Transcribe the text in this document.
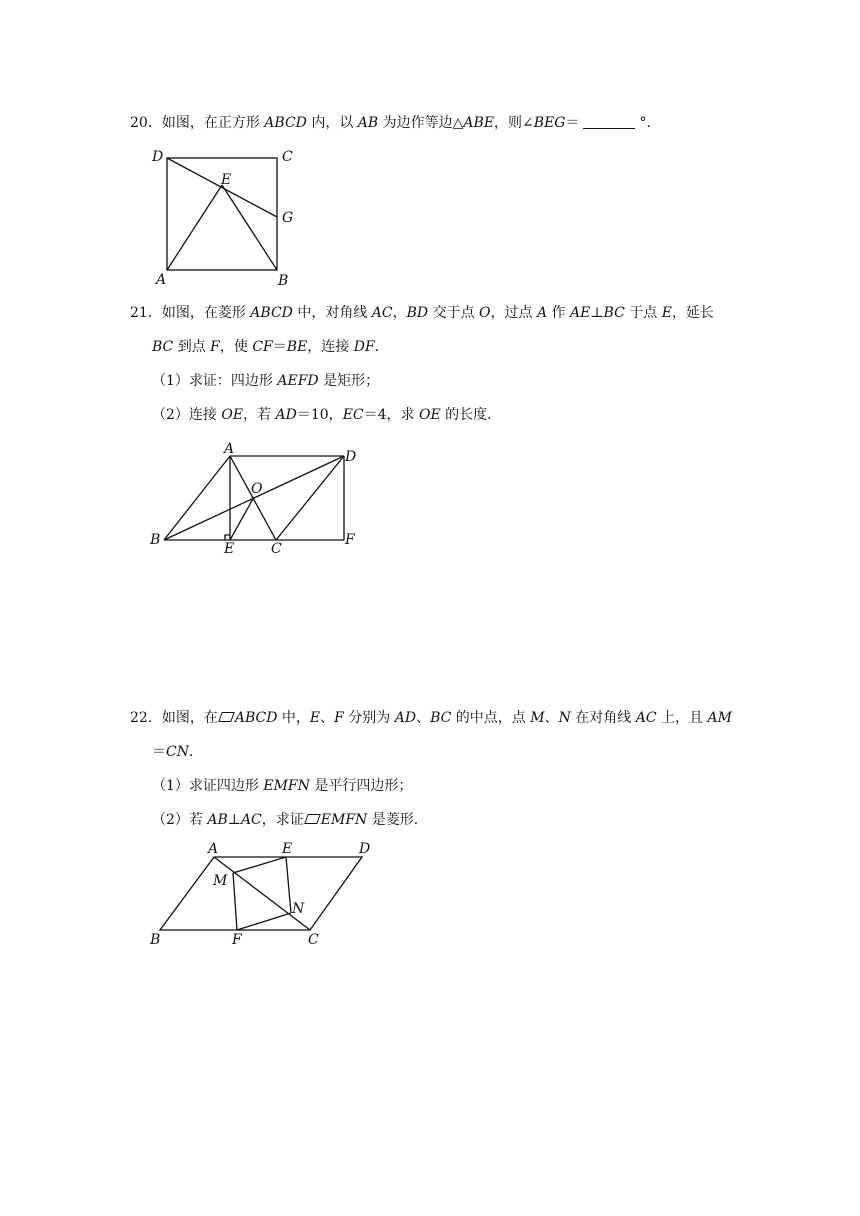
20．如图，在正方形 ABCD 内，以 AB 为边作等边△ABE，则∠BEG＝	°．
D	C
E
G
A	B
21．如图，在菱形 ABCD 中，对角线 AC，BD 交于点 O，过点 A 作 AE⊥BC 于点 E，延长
BC 到点 F，使 CF＝BE，连接 DF．
（1）求证：四边形 AEFD 是矩形；
（2）连接 OE，若 AD＝10，EC＝4，求 OE 的长度．
A	D
O
B
E	C
F
22．如图，在 ABCD 中，E、F 分别为 AD、BC 的中点，点 M、N 在对角线 AC 上，且 AM
＝CN．
（1）求证四边形 EMFN 是平行四边形；
（2）若 AB⊥AC，求证 EMFN 是菱形．
A	E	D
M
N
B	F	C
